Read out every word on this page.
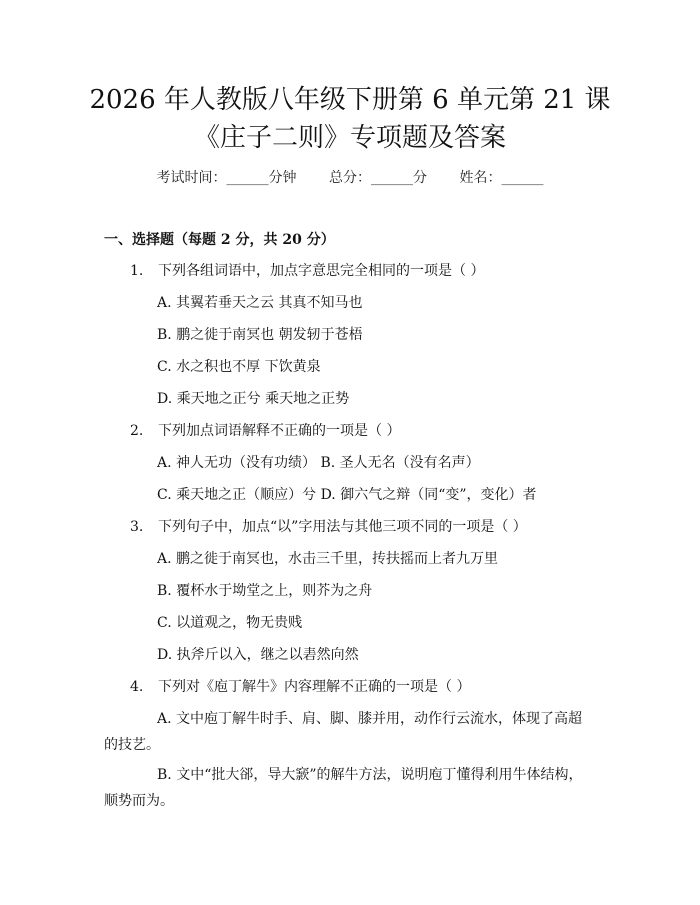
2026 年人教版八年级下册第 6 单元第 21 课
《庄子二则》专项题及答案
考试时间：______分钟 总分：______分 姓名：______
一、选择题（每题 2 分，共 20 分）
1. 下列各组词语中，加点字意思完全相同的一项是（ ）
A. 其翼若垂天之云 其真不知马也
B. 鹏之徙于南冥也 朝发轫于苍梧
C. 水之积也不厚 下饮黄泉
D. 乘天地之正兮 乘天地之正势
2. 下列加点词语解释不正确的一项是（ ）
A. 神人无功（没有功绩） B. 圣人无名（没有名声）
C. 乘天地之正（顺应）兮 D. 御六气之辩（同“变”，变化）者
3. 下列句子中，加点“以”字用法与其他三项不同的一项是（ ）
A. 鹏之徙于南冥也，水击三千里，抟扶摇而上者九万里
B. 覆杯水于坳堂之上，则芥为之舟
C. 以道观之，物无贵贱
D. 执斧斤以入，继之以砉然向然
4. 下列对《庖丁解牛》内容理解不正确的一项是（ ）
A. 文中庖丁解牛时手、肩、脚、膝并用，动作行云流水，体现了高超的技艺。
B. 文中“批大郤，导大窾”的解牛方法，说明庖丁懂得利用牛体结构，顺势而为。
